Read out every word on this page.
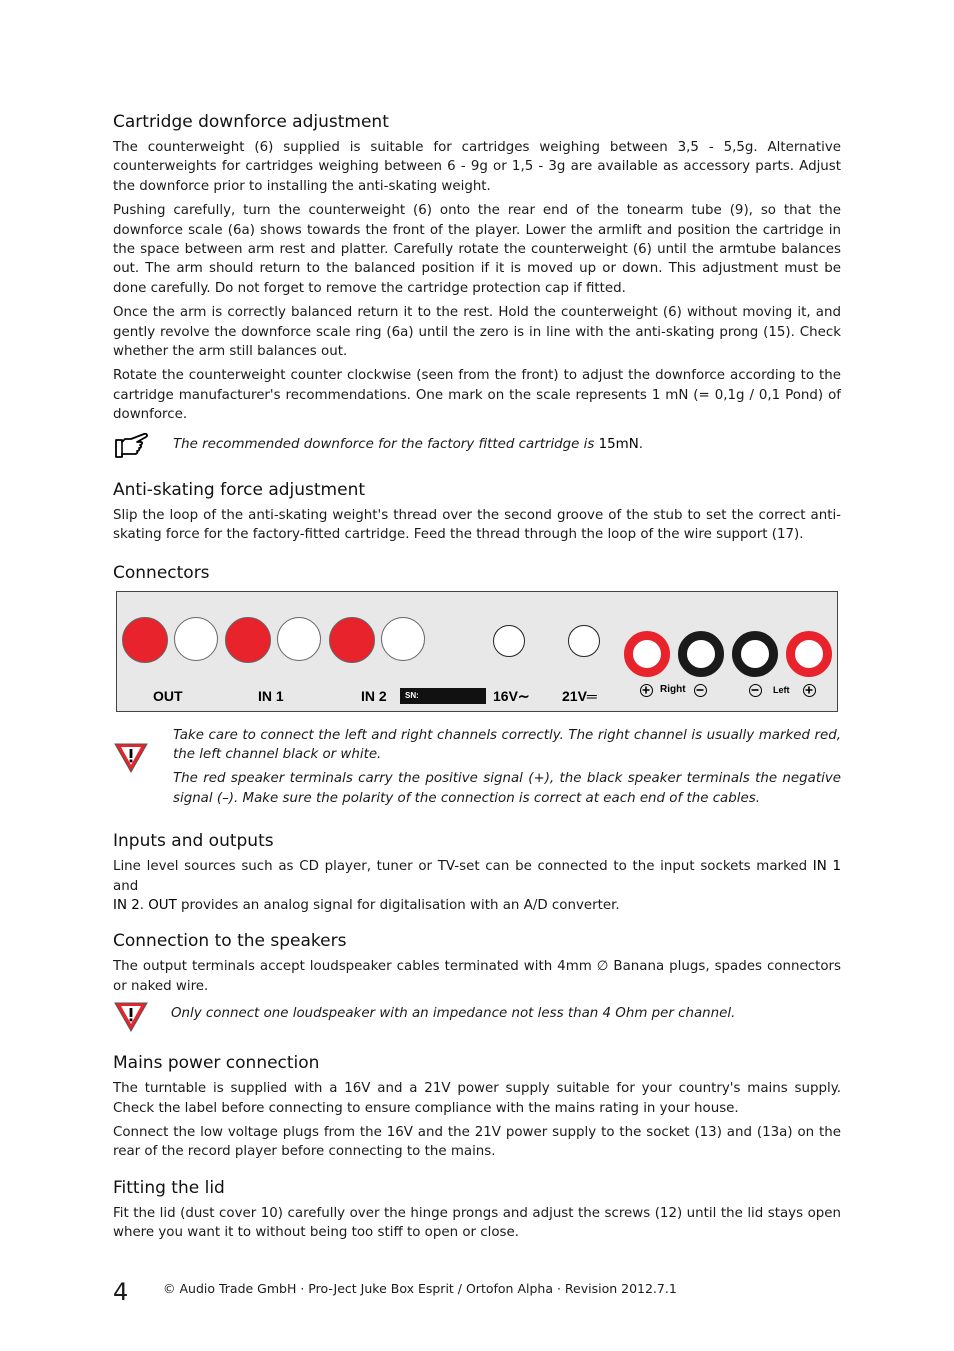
Cartridge downforce adjustment

The counterweight (6) supplied is suitable for cartridges weighing between 3,5 - 5,5g. Alternative counterweights for cartridges weighing between 6 - 9g or 1,5 - 3g are available as accessory parts. Adjust the downforce prior to installing the anti-skating weight.

Pushing carefully, turn the counterweight (6) onto the rear end of the tonearm tube (9), so that the downforce scale (6a) shows towards the front of the player. Lower the armlift and position the cartridge in the space between arm rest and platter. Carefully rotate the counterweight (6) until the armtube balances out. The arm should return to the balanced position if it is moved up or down. This adjustment must be done carefully. Do not forget to remove the cartridge protection cap if fitted.

Once the arm is correctly balanced return it to the rest. Hold the counterweight (6) without moving it, and gently revolve the downforce scale ring (6a) until the zero is in line with the anti-skating prong (15). Check whether the arm still balances out.

Rotate the counterweight counter clockwise (seen from the front) to adjust the downforce according to the cartridge manufacturer's recommendations. One mark on the scale represents 1 mN (= 0,1g / 0,1 Pond) of downforce.

The recommended downforce for the factory fitted cartridge is 15mN.
Anti-skating force adjustment

Slip the loop of the anti-skating weight's thread over the second groove of the stub to set the correct anti-skating force for the factory-fitted cartridge. Feed the thread through the loop of the wire support (17).

Connectors
OUT	IN 1	IN 2	SN:	16V∼ 21V═	Right	Left

Take care to connect the left and right channels correctly. The right channel is usually marked red, the left channel black or white.

The red speaker terminals carry the positive signal (+), the black speaker terminals the negative signal (–). Make sure the polarity of the connection is correct at each end of the cables.

Inputs and outputs

Line level sources such as CD player, tuner or TV-set can be connected to the input sockets marked IN 1 and
IN 2. OUT provides an analog signal for digitalisation with an A/D converter.

Connection to the speakers

The output terminals accept loudspeaker cables terminated with 4mm ∅ Banana plugs, spades connectors or naked wire.

Only connect one loudspeaker with an impedance not less than 4 Ohm per channel.
Mains power connection

The turntable is supplied with a 16V and a 21V power supply suitable for your country's mains supply. Check the label before connecting to ensure compliance with the mains rating in your house.

Connect the low voltage plugs from the 16V and the 21V power supply to the socket (13) and (13a) on the rear of the record player before connecting to the mains.

Fitting the lid

Fit the lid (dust cover 10) carefully over the hinge prongs and adjust the screws (12) until the lid stays open where you want it to without being too stiff to open or close.

4	© Audio Trade GmbH · Pro-Ject Juke Box Esprit / Ortofon Alpha · Revision 2012.7.1
